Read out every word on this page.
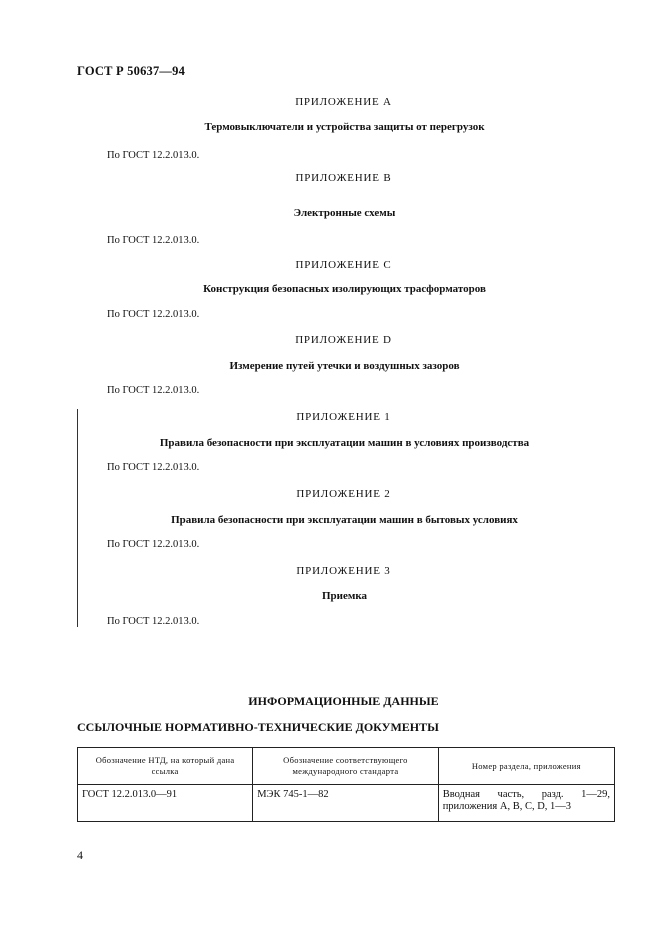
ГОСТ Р 50637—94
ПРИЛОЖЕНИЕ А
Термовыключатели и устройства защиты от перегрузок
По ГОСТ 12.2.013.0.
ПРИЛОЖЕНИЕ В
Электронные схемы
По ГОСТ 12.2.013.0.
ПРИЛОЖЕНИЕ С
Конструкция безопасных изолирующих трасформаторов
По ГОСТ 12.2.013.0.
ПРИЛОЖЕНИЕ D
Измерение путей утечки и воздушных зазоров
По ГОСТ 12.2.013.0.
ПРИЛОЖЕНИЕ 1
Правила безопасности при эксплуатации машин в условиях производства
По ГОСТ 12.2.013.0.
ПРИЛОЖЕНИЕ 2
Правила безопасности при эксплуатации машин в бытовых условиях
По ГОСТ 12.2.013.0.
ПРИЛОЖЕНИЕ 3
Приемка
По ГОСТ 12.2.013.0.
ИНФОРМАЦИОННЫЕ ДАННЫЕ
ССЫЛОЧНЫЕ НОРМАТИВНО-ТЕХНИЧЕСКИЕ ДОКУМЕНТЫ
Обозначение НТД, на который дана ссылка	Обозначение соответствующего международного стандарта	Номер раздела, приложения
ГОСТ 12.2.013.0—91	МЭК 745-1—82	Вводная часть, разд. 1—29, приложения А, В, С, D, 1—3
4
